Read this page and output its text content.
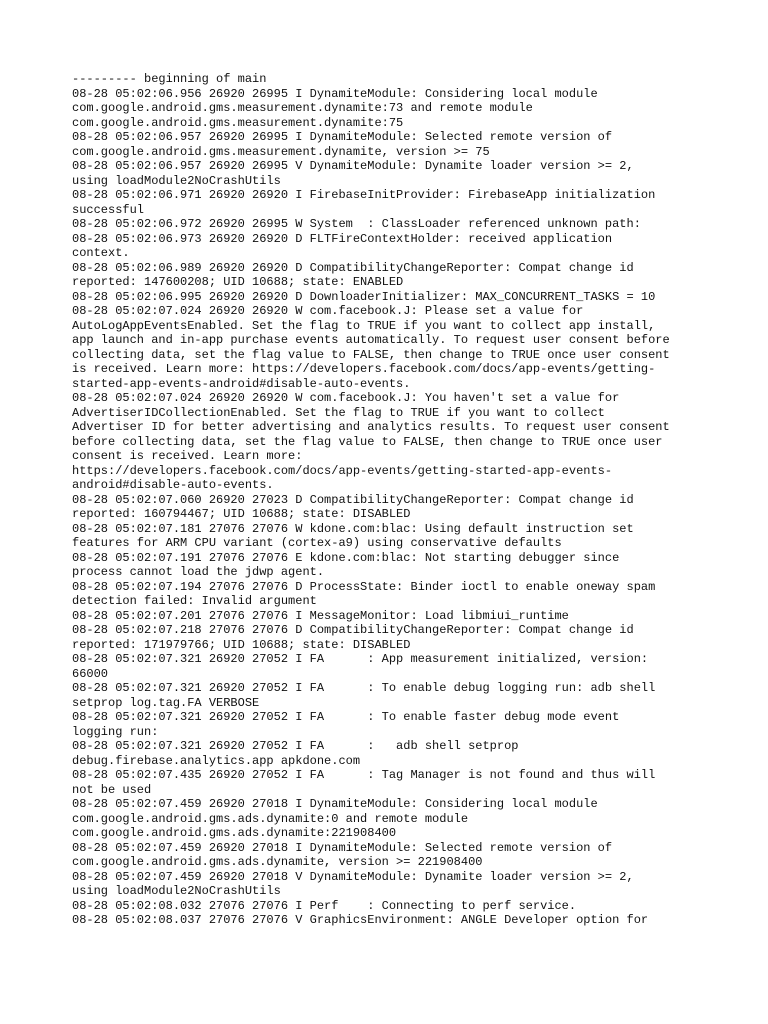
--------- beginning of main
08-28 05:02:06.956 26920 26995 I DynamiteModule: Considering local module
com.google.android.gms.measurement.dynamite:73 and remote module
com.google.android.gms.measurement.dynamite:75
08-28 05:02:06.957 26920 26995 I DynamiteModule: Selected remote version of
com.google.android.gms.measurement.dynamite, version >= 75
08-28 05:02:06.957 26920 26995 V DynamiteModule: Dynamite loader version >= 2,
using loadModule2NoCrashUtils
08-28 05:02:06.971 26920 26920 I FirebaseInitProvider: FirebaseApp initialization
successful
08-28 05:02:06.972 26920 26995 W System  : ClassLoader referenced unknown path:
08-28 05:02:06.973 26920 26920 D FLTFireContextHolder: received application
context.
08-28 05:02:06.989 26920 26920 D CompatibilityChangeReporter: Compat change id
reported: 147600208; UID 10688; state: ENABLED
08-28 05:02:06.995 26920 26920 D DownloaderInitializer: MAX_CONCURRENT_TASKS = 10
08-28 05:02:07.024 26920 26920 W com.facebook.J: Please set a value for
AutoLogAppEventsEnabled. Set the flag to TRUE if you want to collect app install,
app launch and in-app purchase events automatically. To request user consent before
collecting data, set the flag value to FALSE, then change to TRUE once user consent
is received. Learn more: https://developers.facebook.com/docs/app-events/getting-
started-app-events-android#disable-auto-events.
08-28 05:02:07.024 26920 26920 W com.facebook.J: You haven't set a value for
AdvertiserIDCollectionEnabled. Set the flag to TRUE if you want to collect
Advertiser ID for better advertising and analytics results. To request user consent
before collecting data, set the flag value to FALSE, then change to TRUE once user
consent is received. Learn more:
https://developers.facebook.com/docs/app-events/getting-started-app-events-
android#disable-auto-events.
08-28 05:02:07.060 26920 27023 D CompatibilityChangeReporter: Compat change id
reported: 160794467; UID 10688; state: DISABLED
08-28 05:02:07.181 27076 27076 W kdone.com:blac: Using default instruction set
features for ARM CPU variant (cortex-a9) using conservative defaults
08-28 05:02:07.191 27076 27076 E kdone.com:blac: Not starting debugger since
process cannot load the jdwp agent.
08-28 05:02:07.194 27076 27076 D ProcessState: Binder ioctl to enable oneway spam
detection failed: Invalid argument
08-28 05:02:07.201 27076 27076 I MessageMonitor: Load libmiui_runtime
08-28 05:02:07.218 27076 27076 D CompatibilityChangeReporter: Compat change id
reported: 171979766; UID 10688; state: DISABLED
08-28 05:02:07.321 26920 27052 I FA      : App measurement initialized, version:
66000
08-28 05:02:07.321 26920 27052 I FA      : To enable debug logging run: adb shell
setprop log.tag.FA VERBOSE
08-28 05:02:07.321 26920 27052 I FA      : To enable faster debug mode event
logging run:
08-28 05:02:07.321 26920 27052 I FA      :   adb shell setprop
debug.firebase.analytics.app apkdone.com
08-28 05:02:07.435 26920 27052 I FA      : Tag Manager is not found and thus will
not be used
08-28 05:02:07.459 26920 27018 I DynamiteModule: Considering local module
com.google.android.gms.ads.dynamite:0 and remote module
com.google.android.gms.ads.dynamite:221908400
08-28 05:02:07.459 26920 27018 I DynamiteModule: Selected remote version of
com.google.android.gms.ads.dynamite, version >= 221908400
08-28 05:02:07.459 26920 27018 V DynamiteModule: Dynamite loader version >= 2,
using loadModule2NoCrashUtils
08-28 05:02:08.032 27076 27076 I Perf    : Connecting to perf service.
08-28 05:02:08.037 27076 27076 V GraphicsEnvironment: ANGLE Developer option for
